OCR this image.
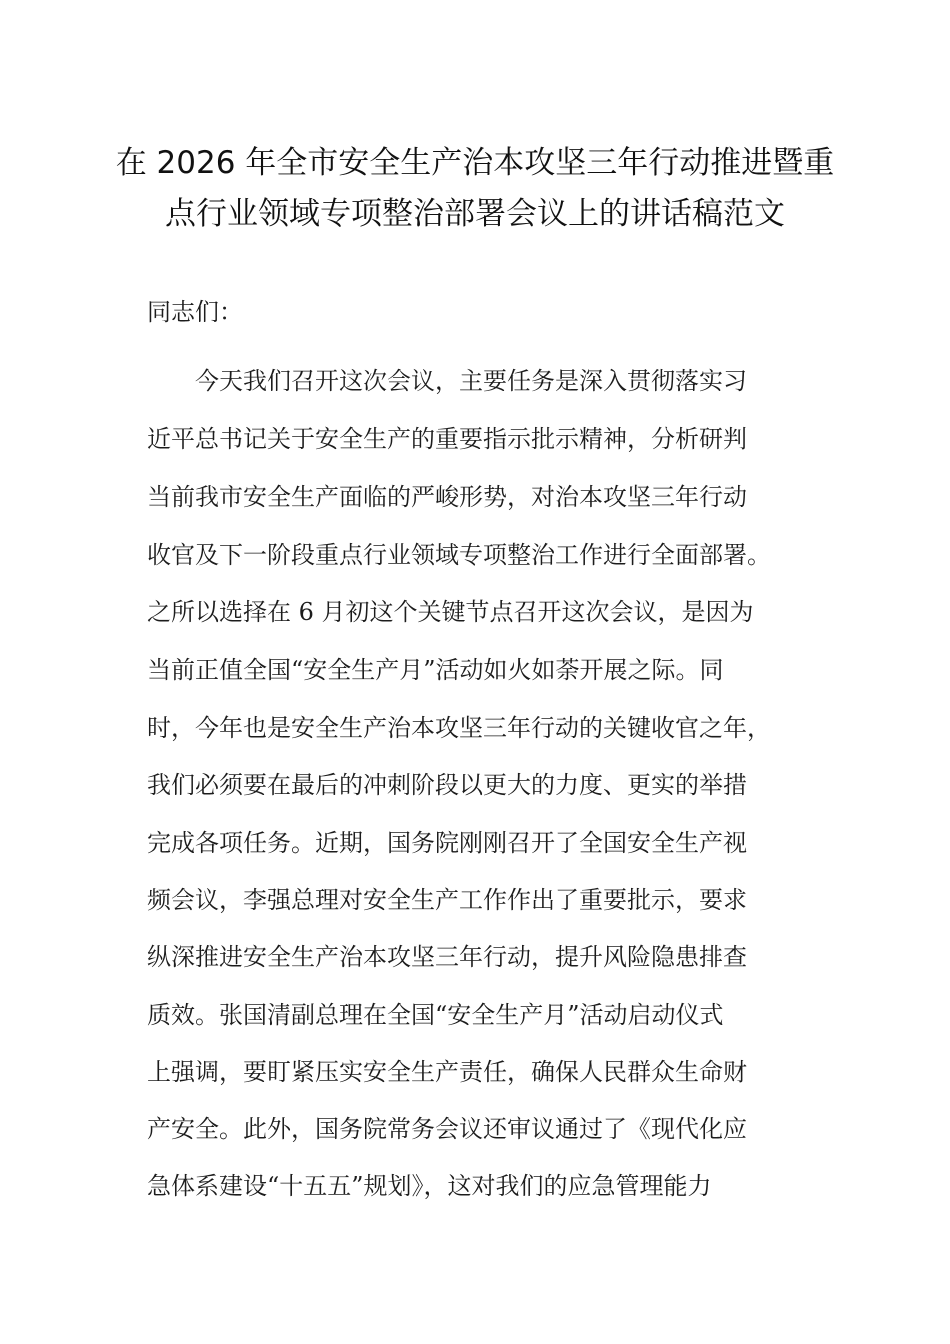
在 2026 年全市安全生产治本攻坚三年行动推进暨重
点行业领域专项整治部署会议上的讲话稿范文
同志们：
今天我们召开这次会议，主要任务是深入贯彻落实习
近平总书记关于安全生产的重要指示批示精神，分析研判
当前我市安全生产面临的严峻形势，对治本攻坚三年行动
收官及下一阶段重点行业领域专项整治工作进行全面部署。
之所以选择在 6 月初这个关键节点召开这次会议，是因为
当前正值全国“安全生产月”活动如火如荼开展之际。同
时，今年也是安全生产治本攻坚三年行动的关键收官之年，
我们必须要在最后的冲刺阶段以更大的力度、更实的举措
完成各项任务。近期，国务院刚刚召开了全国安全生产视
频会议，李强总理对安全生产工作作出了重要批示，要求
纵深推进安全生产治本攻坚三年行动，提升风险隐患排查
质效。张国清副总理在全国“安全生产月”活动启动仪式
上强调，要盯紧压实安全生产责任，确保人民群众生命财
产安全。此外，国务院常务会议还审议通过了《现代化应
急体系建设“十五五”规划》，这对我们的应急管理能力
